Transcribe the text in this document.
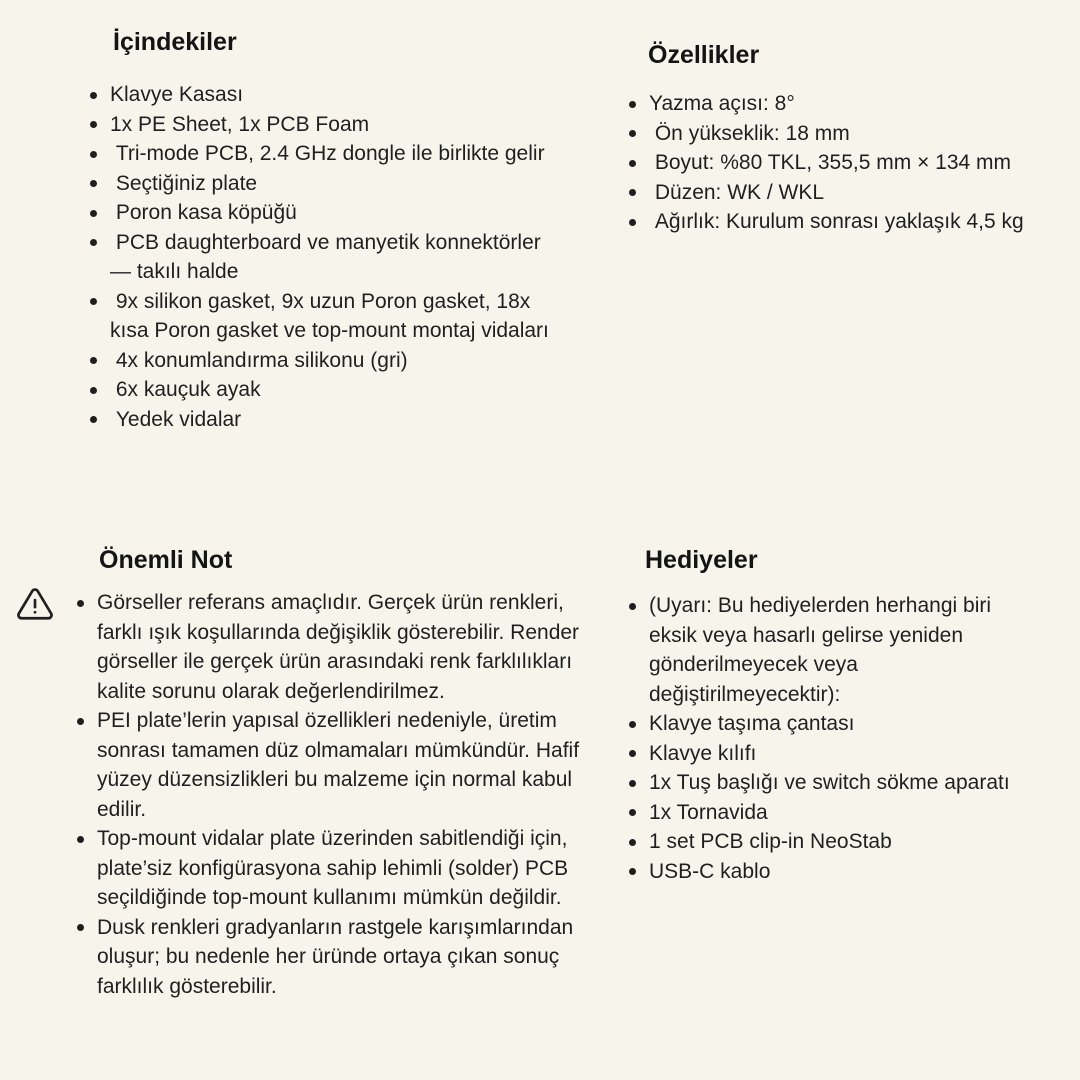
İçindekiler
Klavye Kasası
1x PE Sheet, 1x PCB Foam
Tri-mode PCB, 2.4 GHz dongle ile birlikte gelir
Seçtiğiniz plate
Poron kasa köpüğü
PCB daughterboard ve manyetik konnektörler — takılı halde
9x silikon gasket, 9x uzun Poron gasket, 18x kısa Poron gasket ve top-mount montaj vidaları
4x konumlandırma silikonu (gri)
6x kauçuk ayak
Yedek vidalar
Özellikler
Yazma açısı: 8°
Ön yükseklik: 18 mm
Boyut: %80 TKL, 355,5 mm × 134 mm
Düzen: WK / WKL
Ağırlık: Kurulum sonrası yaklaşık 4,5 kg
Önemli Not
Görseller referans amaçlıdır. Gerçek ürün renkleri, farklı ışık koşullarında değişiklik gösterebilir. Render görseller ile gerçek ürün arasındaki renk farklılıkları kalite sorunu olarak değerlendirilmez.
PEI plate’lerin yapısal özellikleri nedeniyle, üretim sonrası tamamen düz olmamaları mümkündür. Hafif yüzey düzensizlikleri bu malzeme için normal kabul edilir.
Top-mount vidalar plate üzerinden sabitlendiği için, plate’siz konfigürasyona sahip lehimli (solder) PCB seçildiğinde top-mount kullanımı mümkün değildir.
Dusk renkleri gradyanların rastgele karışımlarından oluşur; bu nedenle her üründe ortaya çıkan sonuç farklılık gösterebilir.
Hediyeler
(Uyarı: Bu hediyelerden herhangi biri eksik veya hasarlı gelirse yeniden gönderilmeyecek veya değiştirilmeyecektir):
Klavye taşıma çantası
Klavye kılıfı
1x Tuş başlığı ve switch sökme aparatı
1x Tornavida
1 set PCB clip-in NeoStab
USB-C kablo
